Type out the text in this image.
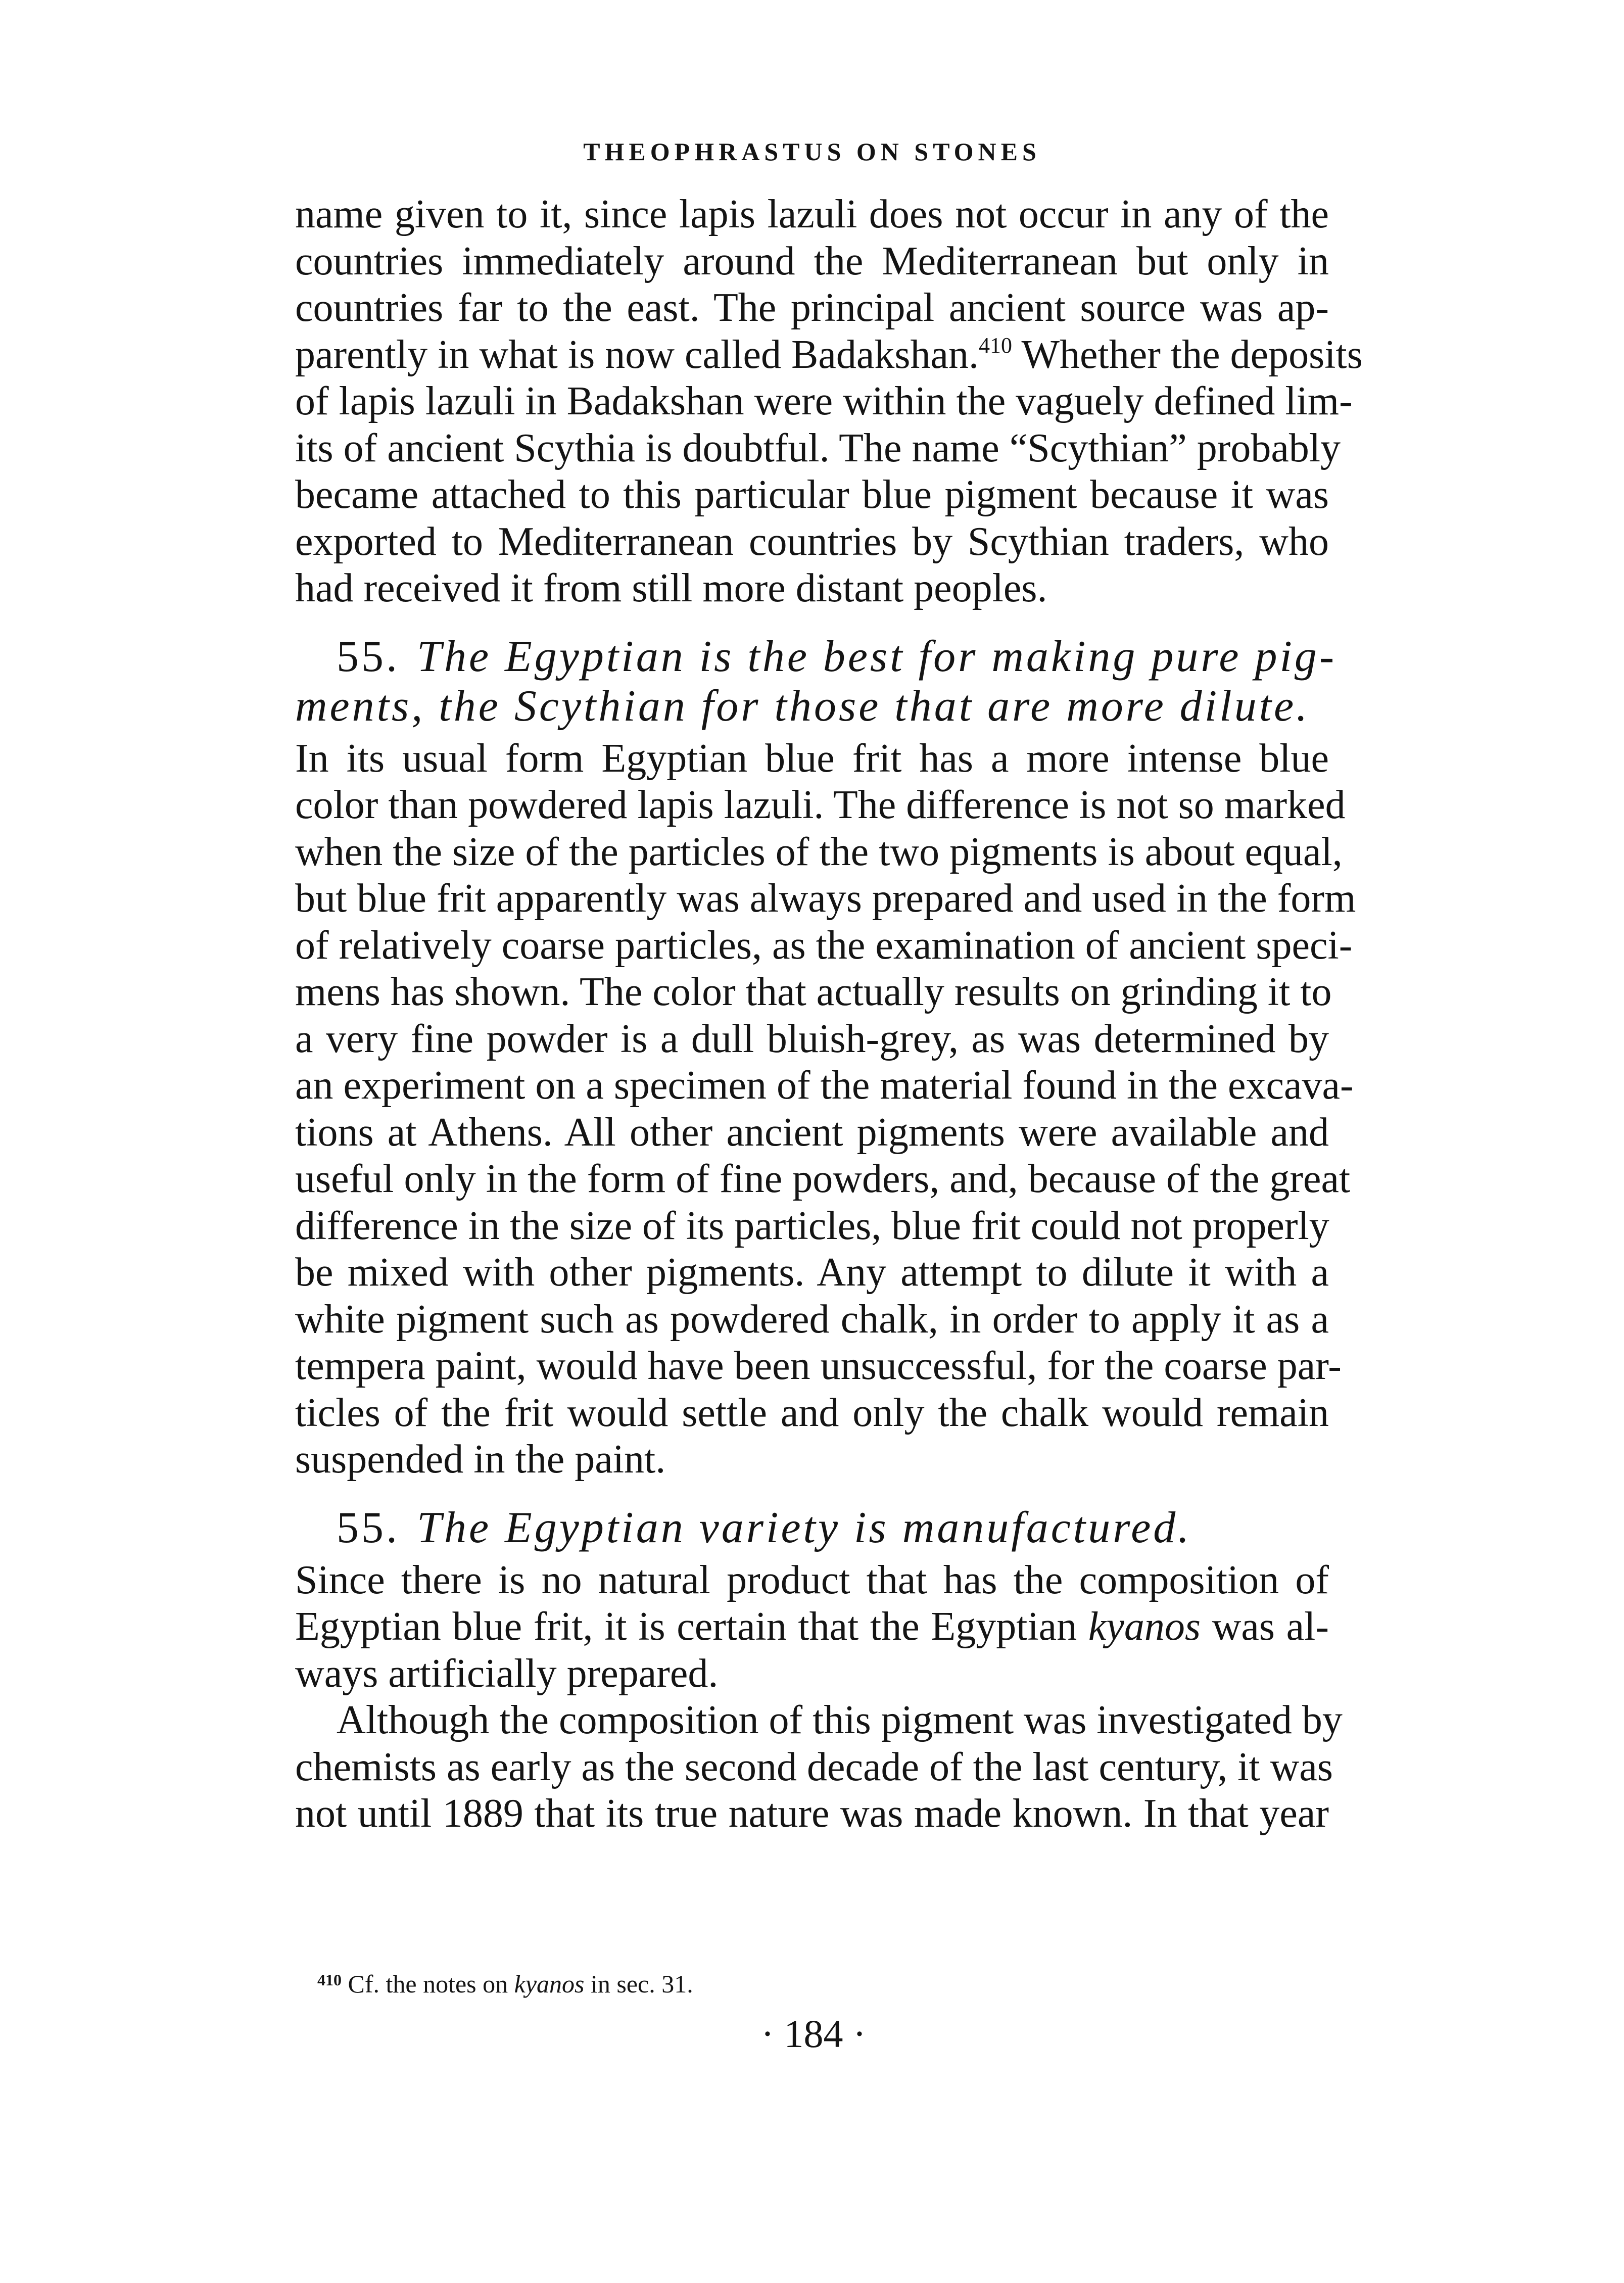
THEOPHRASTUS ON STONES

name given to it, since lapis lazuli does not occur in any of the
countries immediately around the Mediterranean but only in
countries far to the east. The principal ancient source was ap-
parently in what is now called Badakshan.$^{410}$ Whether the deposits
of lapis lazuli in Badakshan were within the vaguely defined lim-
its of ancient Scythia is doubtful. The name “Scythian” probably
became attached to this particular blue pigment because it was
exported to Mediterranean countries by Scythian traders, who
had received it from still more distant peoples.

55. The Egyptian is the best for making pure pig-
ments, the Scythian for those that are more dilute.

In its usual form Egyptian blue frit has a more intense blue
color than powdered lapis lazuli. The difference is not so marked
when the size of the particles of the two pigments is about equal,
but blue frit apparently was always prepared and used in the form
of relatively coarse particles, as the examination of ancient speci-
mens has shown. The color that actually results on grinding it to
a very fine powder is a dull bluish-grey, as was determined by
an experiment on a specimen of the material found in the excava-
tions at Athens. All other ancient pigments were available and
useful only in the form of fine powders, and, because of the great
difference in the size of its particles, blue frit could not properly
be mixed with other pigments. Any attempt to dilute it with a
white pigment such as powdered chalk, in order to apply it as a
tempera paint, would have been unsuccessful, for the coarse par-
ticles of the frit would settle and only the chalk would remain
suspended in the paint.

55. The Egyptian variety is manufactured.

Since there is no natural product that has the composition of
Egyptian blue frit, it is certain that the Egyptian kyanos was al-
ways artificially prepared.

Although the composition of this pigment was investigated by
chemists as early as the second decade of the last century, it was
not until 1889 that its true nature was made known. In that year

$^{410}$ Cf. the notes on kyanos in sec. 31.
· 184 ·
